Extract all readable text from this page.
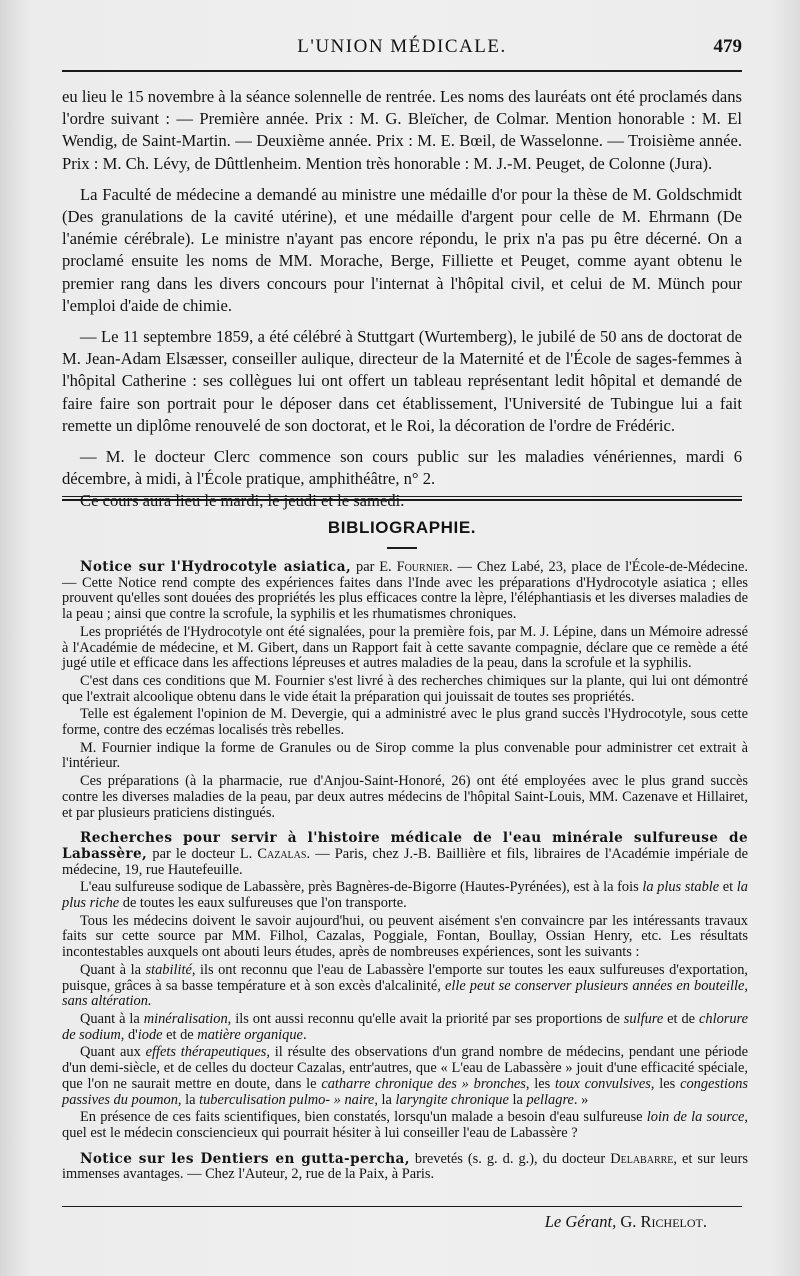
L'UNION MÉDICALE.	479

eu lieu le 15 novembre à la séance solennelle de rentrée. Les noms des lauréats ont été proclamés dans l'ordre suivant : — Première année. Prix : M. G. Bleïcher, de Colmar. Mention honorable : M. El Wendig, de Saint-Martin. — Deuxième année. Prix : M. E. Bœil, de Wasselonne. — Troisième année. Prix : M. Ch. Lévy, de Dûttlenheim. Mention très honorable : M. J.-M. Peuget, de Colonne (Jura).

La Faculté de médecine a demandé au ministre une médaille d'or pour la thèse de M. Goldschmidt (Des granulations de la cavité utérine), et une médaille d'argent pour celle de M. Ehrmann (De l'anémie cérébrale). Le ministre n'ayant pas encore répondu, le prix n'a pas pu être décerné. On a proclamé ensuite les noms de MM. Morache, Berge, Filliette et Peuget, comme ayant obtenu le premier rang dans les divers concours pour l'internat à l'hôpital civil, et celui de M. Münch pour l'emploi d'aide de chimie.

— Le 11 septembre 1859, a été célébré à Stuttgart (Wurtemberg), le jubilé de 50 ans de doctorat de M. Jean-Adam Elsæsser, conseiller aulique, directeur de la Maternité et de l'École de sages-femmes à l'hôpital Catherine : ses collègues lui ont offert un tableau représentant ledit hôpital et demandé de faire faire son portrait pour le déposer dans cet établissement, l'Université de Tubingue lui a fait remette un diplôme renouvelé de son doctorat, et le Roi, la décoration de l'ordre de Frédéric.

— M. le docteur Clerc commence son cours public sur les maladies vénériennes, mardi 6 décembre, à midi, à l'École pratique, amphithéâtre, n° 2.

BIBLIOGRAPHIE.

Notice sur l'Hydrocotyle asiatica, par E. Fournier. — Chez Labé, 23, place de l'École-de-Médecine. — Cette Notice rend compte des expériences faites dans l'Inde avec les préparations d'Hydrocotyle asiatica ; elles prouvent qu'elles sont douées des propriétés les plus efficaces contre la lèpre, l'éléphantiasis et les diverses maladies de la peau ; ainsi que contre la scrofule, la syphilis et les rhumatismes chroniques.

Les propriétés de l'Hydrocotyle ont été signalées, pour la première fois, par M. J. Lépine, dans un Mémoire adressé à l'Académie de médecine, et M. Gibert, dans un Rapport fait à cette savante compagnie, déclare que ce remède a été jugé utile et efficace dans les affections lépreuses et autres maladies de la peau, dans la scrofule et la syphilis.

C'est dans ces conditions que M. Fournier s'est livré à des recherches chimiques sur la plante, qui lui ont démontré que l'extrait alcoolique obtenu dans le vide était la préparation qui jouissait de toutes ses propriétés.

Telle est également l'opinion de M. Devergie, qui a administré avec le plus grand succès l'Hydrocotyle, sous cette forme, contre des eczémas localisés très rebelles.

M. Fournier indique la forme de Granules ou de Sirop comme la plus convenable pour administrer cet extrait à l'intérieur.

Ces préparations (à la pharmacie, rue d'Anjou-Saint-Honoré, 26) ont été employées avec le plus grand succès contre les diverses maladies de la peau, par deux autres médecins de l'hôpital Saint-Louis, MM. Cazenave et Hillairet, et par plusieurs praticiens distingués.

Recherches pour servir à l'histoire médicale de l'eau minérale sulfureuse de Labassère, par le docteur L. Cazalas. — Paris, chez J.-B. Baillière et fils, libraires de l'Académie impériale de médecine, 19, rue Hautefeuille.

L'eau sulfureuse sodique de Labassère, près Bagnères-de-Bigorre (Hautes-Pyrénées), est à la fois la plus stable et la plus riche de toutes les eaux sulfureuses que l'on transporte.

Tous les médecins doivent le savoir aujourd'hui, ou peuvent aisément s'en convaincre par les intéressants travaux faits sur cette source par MM. Filhol, Cazalas, Poggiale, Fontan, Boullay, Ossian Henry, etc. Les résultats incontestables auxquels ont abouti leurs études, après de nombreuses expériences, sont les suivants :

Quant à la stabilité, ils ont reconnu que l'eau de Labassère l'emporte sur toutes les eaux sulfureuses d'exportation, puisque, grâces à sa basse température et à son excès d'alcalinité, elle peut se conserver plusieurs années en bouteille, sans altération.

Quant à la minéralisation, ils ont aussi reconnu qu'elle avait la priorité par ses proportions de sulfure et de chlorure de sodium, d'iode et de matière organique.

Quant aux effets thérapeutiques, il résulte des observations d'un grand nombre de médecins, pendant une période d'un demi-siècle, et de celles du docteur Cazalas, entr'autres, que « L'eau de Labassère » jouit d'une efficacité spéciale, que l'on ne saurait mettre en doute, dans le catharre chronique des » bronches, les toux convulsives, les congestions passives du poumon, la tuberculisation pulmo- » naire, la laryngite chronique la pellagre. »

En présence de ces faits scientifiques, bien constatés, lorsqu'un malade a besoin d'eau sulfureuse loin de la source, quel est le médecin consciencieux qui pourrait hésiter à lui conseiller l'eau de Labassère ?

Notice sur les Dentiers en gutta-percha, brevetés (s. g. d. g.), du docteur Delabarre, et sur leurs immenses avantages. — Chez l'Auteur, 2, rue de la Paix, à Paris.

Le Gérant, G. Richelot.
